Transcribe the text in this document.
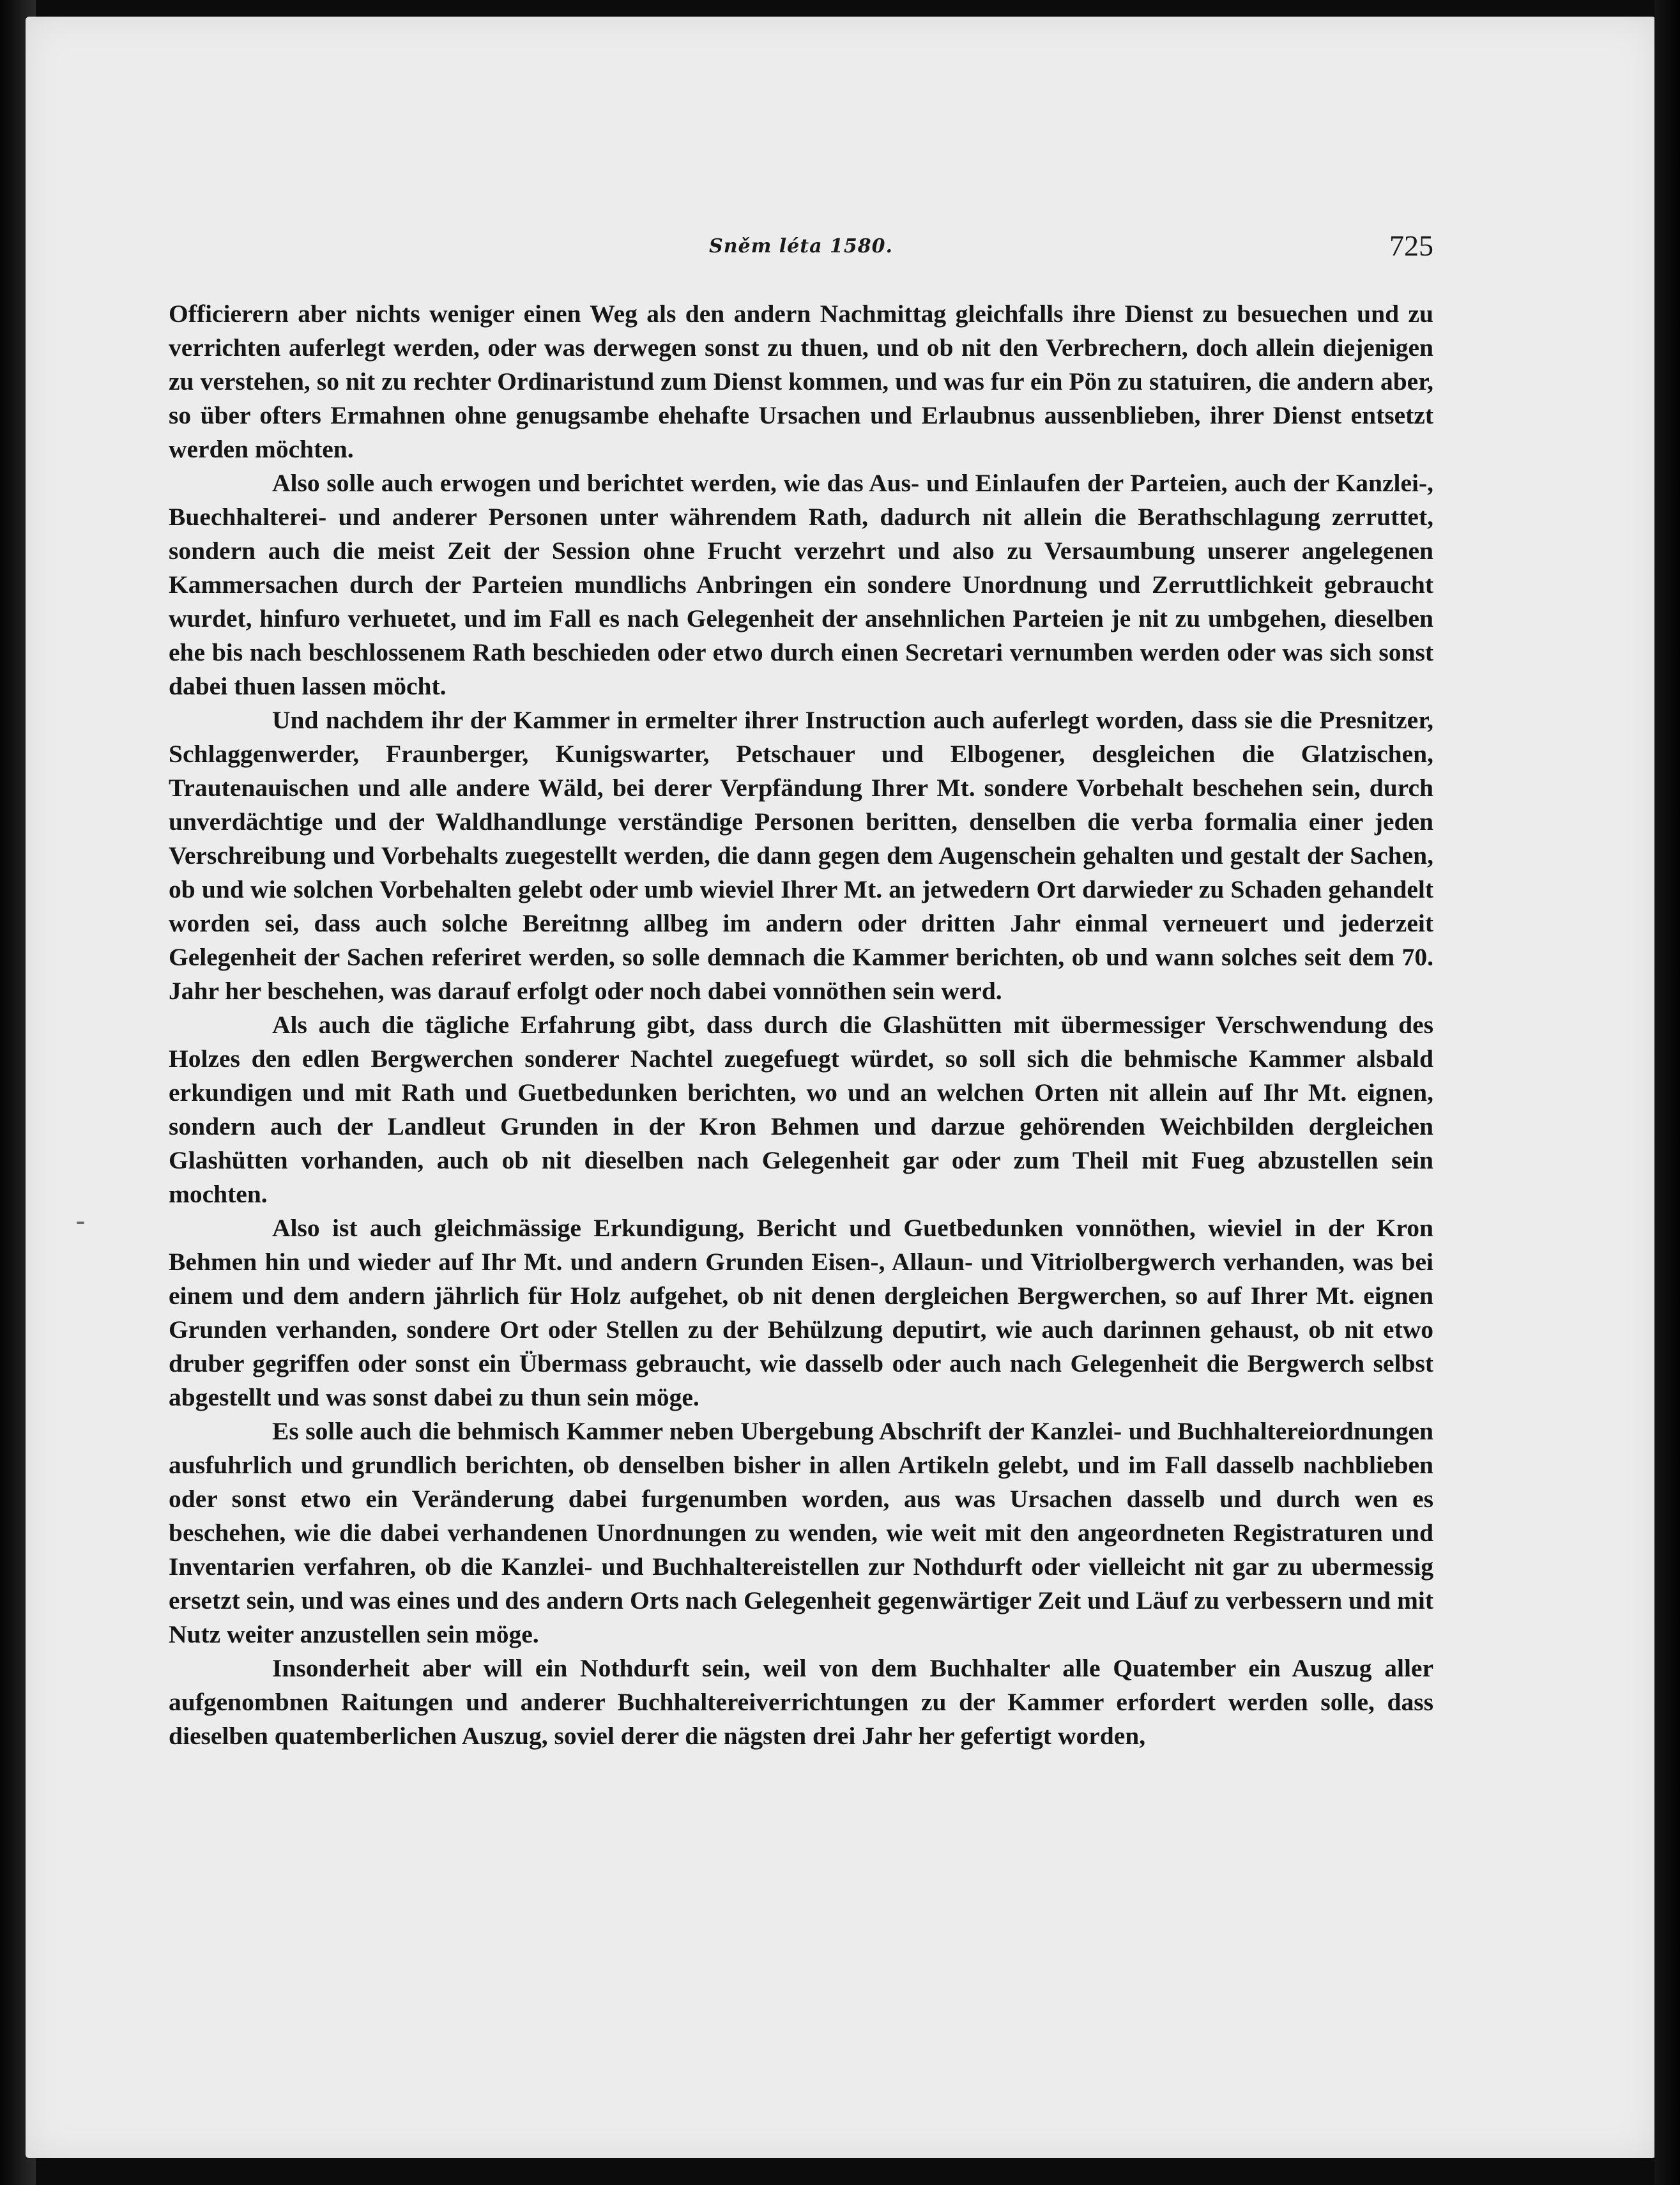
Sněm léta 1580.	725

Officierern aber nichts weniger einen Weg als den andern Nachmittag gleichfalls ihre Dienst zu besuechen und zu verrichten auferlegt werden, oder was derwegen sonst zu thuen, und ob nit den Verbrechern, doch allein diejenigen zu verstehen, so nit zu rechter Ordinaristund zum Dienst kommen, und was fur ein Pön zu statuiren, die andern aber, so über ofters Ermahnen ohne genugsambe ehehafte Ursachen und Erlaubnus aussenblieben, ihrer Dienst entsetzt werden möchten.

Also solle auch erwogen und berichtet werden, wie das Aus- und Einlaufen der Parteien, auch der Kanzlei-, Buechhalterei- und anderer Personen unter währendem Rath, dadurch nit allein die Berathschlagung zerruttet, sondern auch die meist Zeit der Session ohne Frucht verzehrt und also zu Versaumbung unserer angelegenen Kammersachen durch der Parteien mundlichs Anbringen ein sondere Unordnung und Zerruttlichkeit gebraucht wurdet, hinfuro verhuetet, und im Fall es nach Gelegenheit der ansehnlichen Parteien je nit zu umbgehen, dieselben ehe bis nach beschlossenem Rath beschieden oder etwo durch einen Secretari vernumben werden oder was sich sonst dabei thuen lassen möcht.

Und nachdem ihr der Kammer in ermelter ihrer Instruction auch auferlegt worden, dass sie die Presnitzer, Schlaggenwerder, Fraunberger, Kunigswarter, Petschauer und Elbogener, desgleichen die Glatzischen, Trautenauischen und alle andere Wäld, bei derer Verpfändung Ihrer Mt. sondere Vorbehalt beschehen sein, durch unverdächtige und der Waldhandlunge verständige Personen beritten, denselben die verba formalia einer jeden Verschreibung und Vorbehalts zuegestellt werden, die dann gegen dem Augenschein gehalten und gestalt der Sachen, ob und wie solchen Vorbehalten gelebt oder umb wieviel Ihrer Mt. an jetwedern Ort darwieder zu Schaden gehandelt worden sei, dass auch solche Bereitnng allbeg im andern oder dritten Jahr einmal verneuert und jederzeit Gelegenheit der Sachen referiret werden, so solle demnach die Kammer berichten, ob und wann solches seit dem 70. Jahr her beschehen, was darauf erfolgt oder noch dabei vonnöthen sein werd.

Als auch die tägliche Erfahrung gibt, dass durch die Glashütten mit übermessiger Verschwendung des Holzes den edlen Bergwerchen sonderer Nachtel zuegefuegt würdet, so soll sich die behmische Kammer alsbald erkundigen und mit Rath und Guetbedunken berichten, wo und an welchen Orten nit allein auf Ihr Mt. eignen, sondern auch der Landleut Grunden in der Kron Behmen und darzue gehörenden Weichbilden dergleichen Glashütten vorhanden, auch ob nit dieselben nach Gelegenheit gar oder zum Theil mit Fueg abzustellen sein mochten.

Also ist auch gleichmässige Erkundigung, Bericht und Guetbedunken vonnöthen, wieviel in der Kron Behmen hin und wieder auf Ihr Mt. und andern Grunden Eisen-, Allaun- und Vitriolbergwerch verhanden, was bei einem und dem andern jährlich für Holz aufgehet, ob nit denen dergleichen Bergwerchen, so auf Ihrer Mt. eignen Grunden verhanden, sondere Ort oder Stellen zu der Behülzung deputirt, wie auch darinnen gehaust, ob nit etwo druber gegriffen oder sonst ein Übermass gebraucht, wie dasselb oder auch nach Gelegenheit die Bergwerch selbst abgestellt und was sonst dabei zu thun sein möge.

Es solle auch die behmisch Kammer neben Ubergebung Abschrift der Kanzlei- und Buchhaltereiordnungen ausfuhrlich und grundlich berichten, ob denselben bisher in allen Artikeln gelebt, und im Fall dasselb nachblieben oder sonst etwo ein Veränderung dabei furgenumben worden, aus was Ursachen dasselb und durch wen es beschehen, wie die dabei verhandenen Unordnungen zu wenden, wie weit mit den angeordneten Registraturen und Inventarien verfahren, ob die Kanzlei- und Buchhaltereistellen zur Nothdurft oder vielleicht nit gar zu ubermessig ersetzt sein, und was eines und des andern Orts nach Gelegenheit gegenwärtiger Zeit und Läuf zu verbessern und mit Nutz weiter anzustellen sein möge.

Insonderheit aber will ein Nothdurft sein, weil von dem Buchhalter alle Quatember ein Auszug aller aufgenombnen Raitungen und anderer Buchhaltereiverrichtungen zu der Kammer erfordert werden solle, dass dieselben quatemberlichen Auszug, soviel derer die nägsten drei Jahr her gefertigt worden,
